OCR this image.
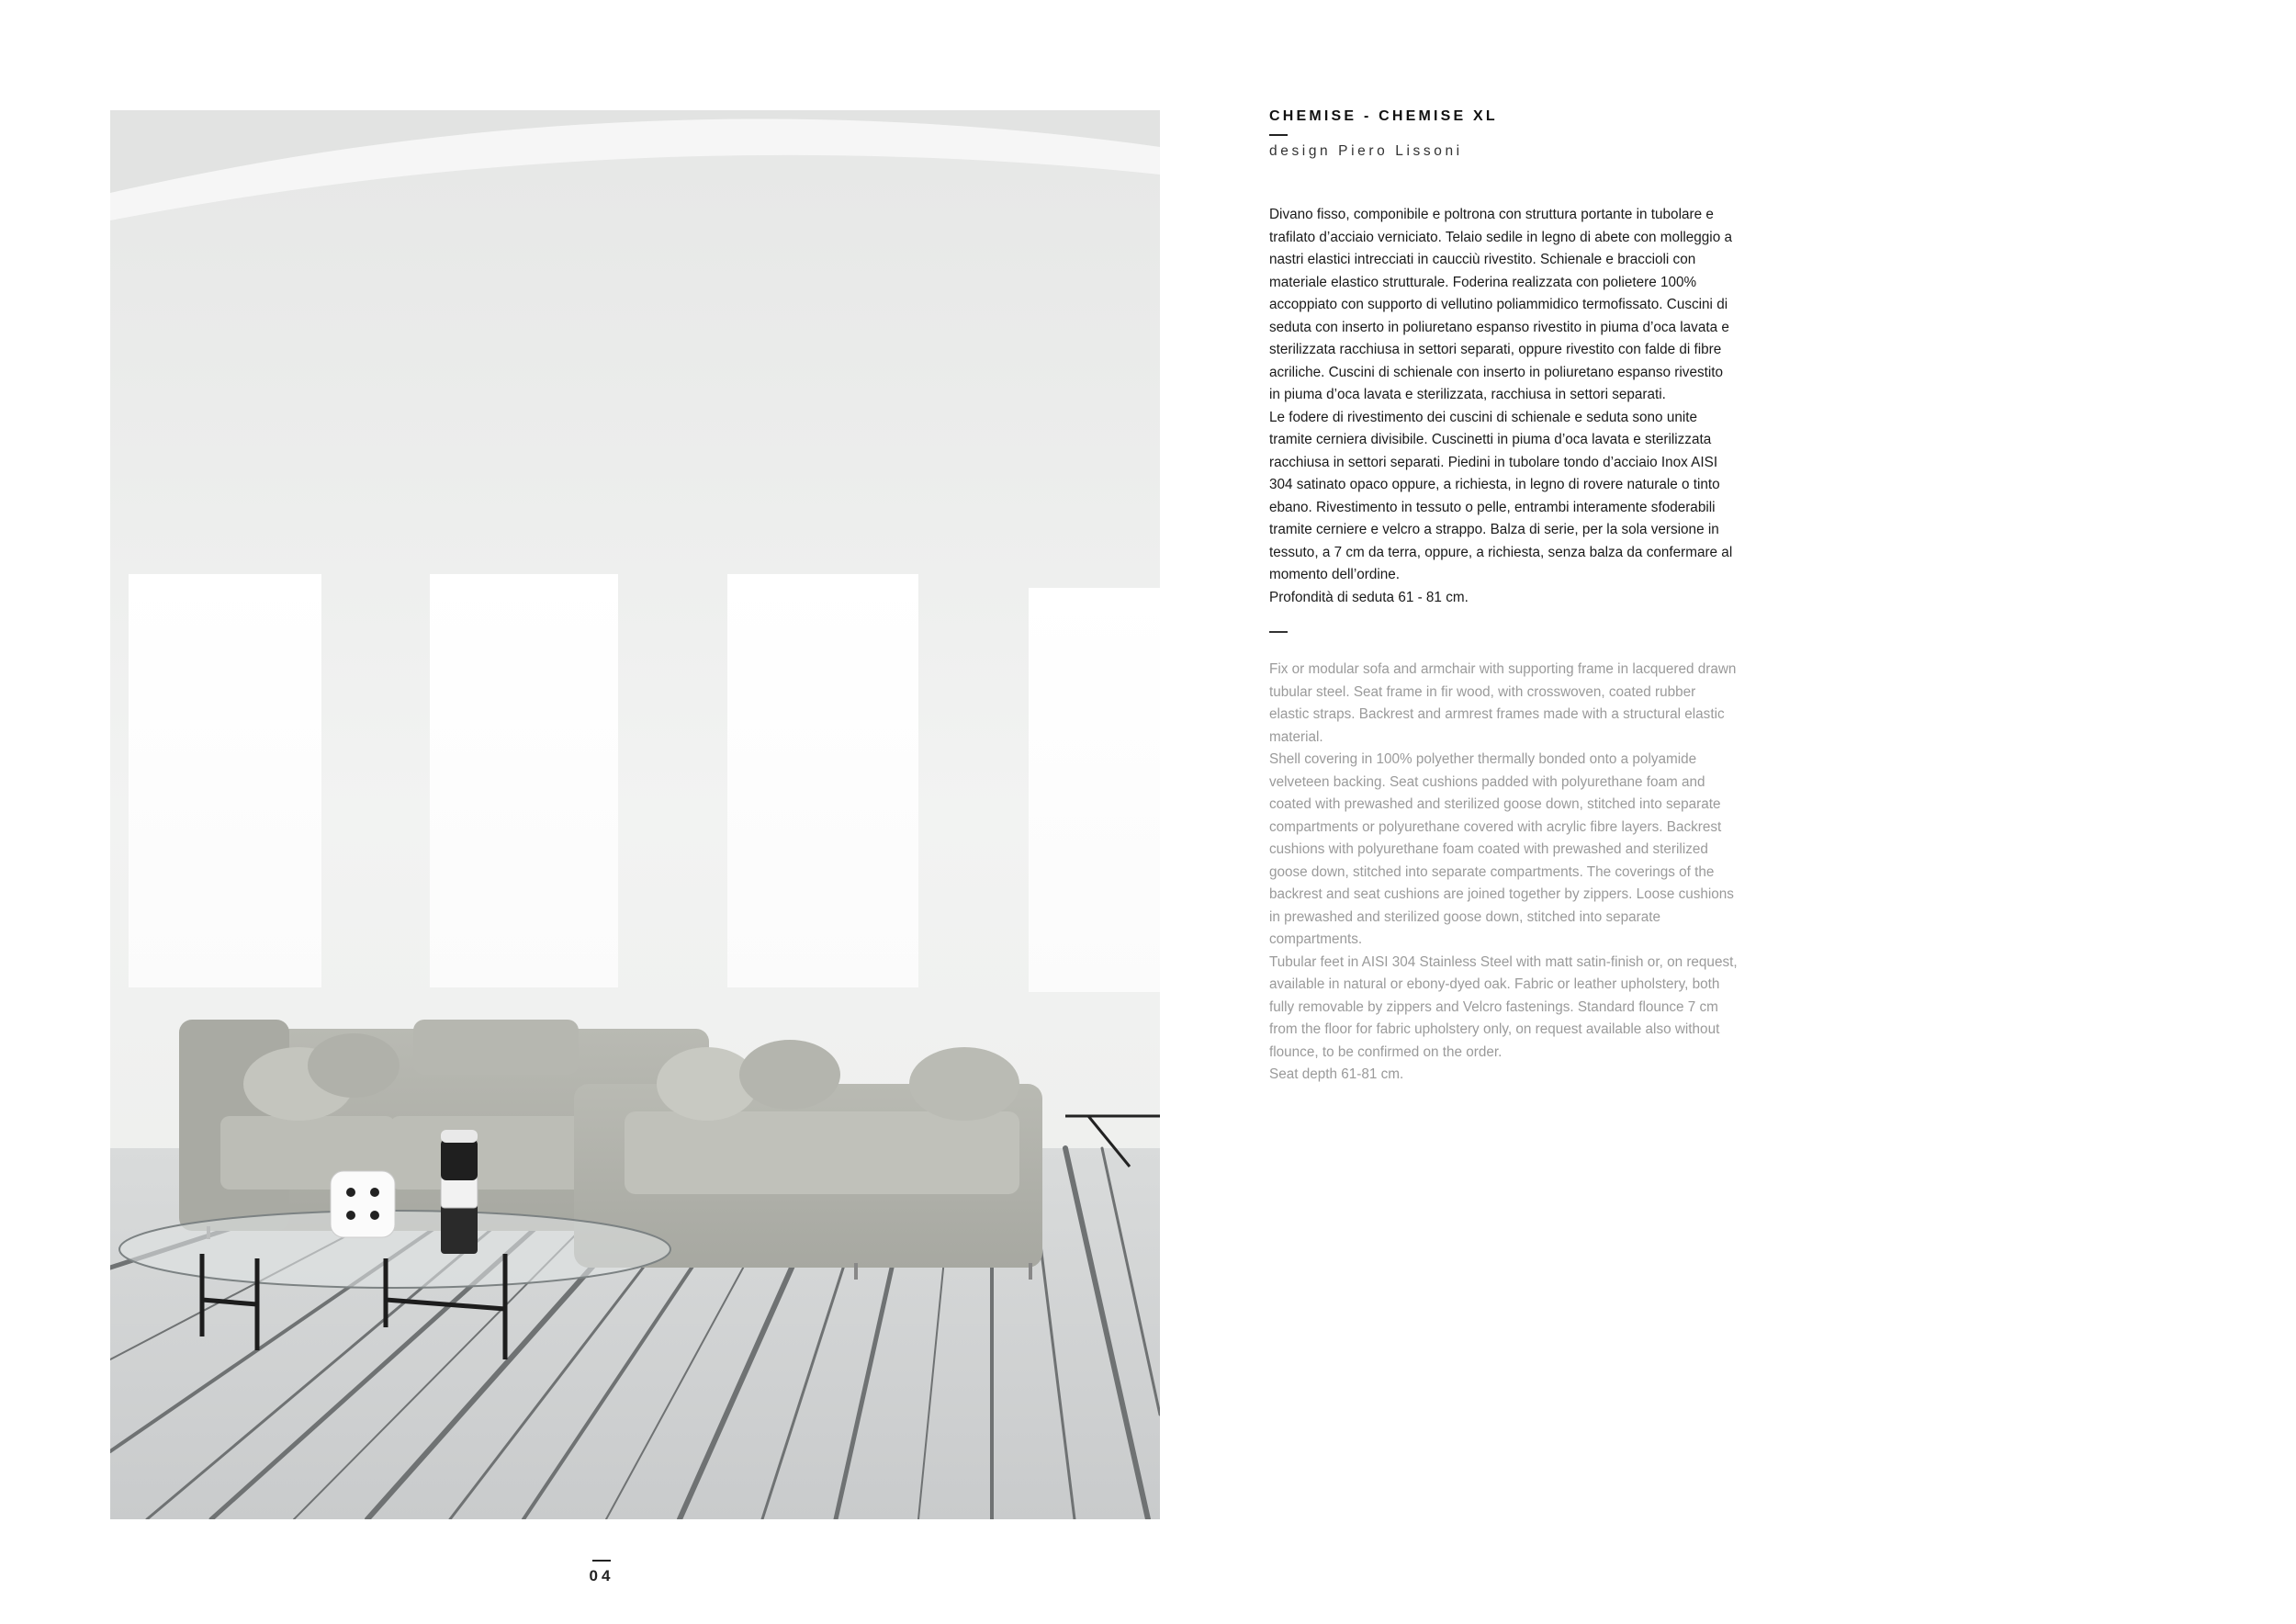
04
CHEMISE - CHEMISE XL
design Piero Lissoni

Divano fisso, componibile e poltrona con struttura portante in tubolare e trafilato d’acciaio verniciato. Telaio sedile in legno di abete con molleggio a nastri elastici intrecciati in caucciù rivestito. Schienale e braccioli con materiale elastico strutturale. Foderina realizzata con polietere 100% accoppiato con supporto di vellutino poliammidico termofissato. Cuscini di seduta con inserto in poliuretano espanso rivestito in piuma d’oca lavata e sterilizzata racchiusa in settori separati, oppure rivestito con falde di fibre acriliche. Cuscini di schienale con inserto in poliuretano espanso rivestito in piuma d’oca lavata e sterilizzata, racchiusa in settori separati.

Le fodere di rivestimento dei cuscini di schienale e seduta sono unite tramite cerniera divisibile. Cuscinetti in piuma d’oca lavata e sterilizzata racchiusa in settori separati. Piedini in tubolare tondo d’acciaio Inox AISI 304 satinato opaco oppure, a richiesta, in legno di rovere naturale o tinto ebano. Rivestimento in tessuto o pelle, entrambi interamente sfoderabili tramite cerniere e velcro a strappo. Balza di serie, per la sola versione in tessuto, a 7 cm da terra, oppure, a richiesta, senza balza da confermare al momento dell’ordine.

Profondità di seduta 61 - 81 cm.

Fix or modular sofa and armchair with supporting frame in lacquered drawn tubular steel. Seat frame in fir wood, with crosswoven, coated rubber elastic straps. Backrest and armrest frames made with a structural elastic material.

Shell covering in 100% polyether thermally bonded onto a polyamide velveteen backing. Seat cushions padded with polyurethane foam and coated with prewashed and sterilized goose down, stitched into separate compartments or polyurethane covered with acrylic fibre layers. Backrest cushions with polyurethane foam coated with prewashed and sterilized goose down, stitched into separate compartments. The coverings of the backrest and seat cushions are joined together by zippers. Loose cushions in prewashed and sterilized goose down, stitched into separate compartments.

Tubular feet in AISI 304 Stainless Steel with matt satin-finish or, on request, available in natural or ebony-dyed oak. Fabric or leather upholstery, both fully removable by zippers and Velcro fastenings. Standard flounce 7 cm from the floor for fabric upholstery only, on request available also without flounce, to be confirmed on the order.

Seat depth 61-81 cm.
